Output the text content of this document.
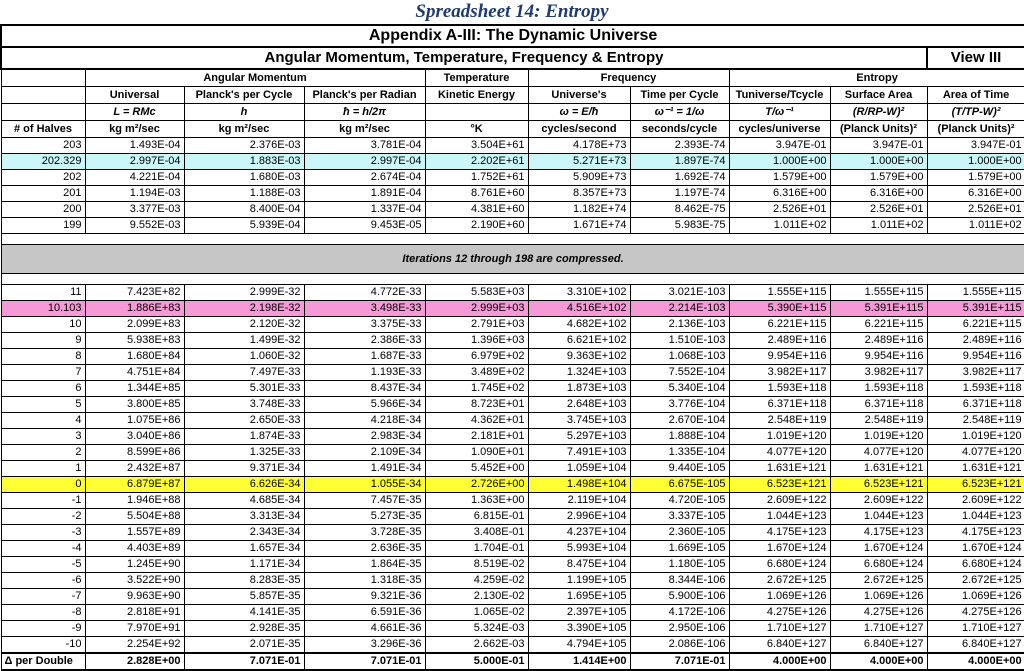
Spreadsheet 14: Entropy
Appendix A-III: The Dynamic Universe									
Angular Momentum, Temperature, Frequency & Entropy									View III
	Angular Momentum			Temperature	Frequency		Entropy		
	Universal	Planck's per Cycle	Planck's per Radian	Kinetic Energy	Universe's	Time per Cycle	Tuniverse/Tcycle	Surface Area	Area of Time
	L = RMc	h	ħ = h/2π		ω = E/ħ	ω⁻¹ = 1/ω	T/ω⁻¹	(R/RP-W)²	(T/TP-W)²
# of Halves	kg m²/sec	kg m²/sec	kg m²/sec	°K	cycles/second	seconds/cycle	cycles/universe	(Planck Units)²	(Planck Units)²
203	1.493E-04	2.376E-03	3.781E-04	3.504E+61	4.178E+73	2.393E-74	3.947E-01	3.947E-01	3.947E-01
202.329	2.997E-04	1.883E-03	2.997E-04	2.202E+61	5.271E+73	1.897E-74	1.000E+00	1.000E+00	1.000E+00
202	4.221E-04	1.680E-03	2.674E-04	1.752E+61	5.909E+73	1.692E-74	1.579E+00	1.579E+00	1.579E+00
201	1.194E-03	1.188E-03	1.891E-04	8.761E+60	8.357E+73	1.197E-74	6.316E+00	6.316E+00	6.316E+00
200	3.377E-03	8.400E-04	1.337E-04	4.381E+60	1.182E+74	8.462E-75	2.526E+01	2.526E+01	2.526E+01
199	9.552E-03	5.939E-04	9.453E-05	2.190E+60	1.671E+74	5.983E-75	1.011E+02	1.011E+02	1.011E+02

Iterations 12 through 198 are compressed.									

11	7.423E+82	2.999E-32	4.772E-33	5.583E+03	3.310E+102	3.021E-103	1.555E+115	1.555E+115	1.555E+115
10.103	1.886E+83	2.198E-32	3.498E-33	2.999E+03	4.516E+102	2.214E-103	5.390E+115	5.391E+115	5.391E+115
10	2.099E+83	2.120E-32	3.375E-33	2.791E+03	4.682E+102	2.136E-103	6.221E+115	6.221E+115	6.221E+115
9	5.938E+83	1.499E-32	2.386E-33	1.396E+03	6.621E+102	1.510E-103	2.489E+116	2.489E+116	2.489E+116
8	1.680E+84	1.060E-32	1.687E-33	6.979E+02	9.363E+102	1.068E-103	9.954E+116	9.954E+116	9.954E+116
7	4.751E+84	7.497E-33	1.193E-33	3.489E+02	1.324E+103	7.552E-104	3.982E+117	3.982E+117	3.982E+117
6	1.344E+85	5.301E-33	8.437E-34	1.745E+02	1.873E+103	5.340E-104	1.593E+118	1.593E+118	1.593E+118
5	3.800E+85	3.748E-33	5.966E-34	8.723E+01	2.648E+103	3.776E-104	6.371E+118	6.371E+118	6.371E+118
4	1.075E+86	2.650E-33	4.218E-34	4.362E+01	3.745E+103	2.670E-104	2.548E+119	2.548E+119	2.548E+119
3	3.040E+86	1.874E-33	2.983E-34	2.181E+01	5.297E+103	1.888E-104	1.019E+120	1.019E+120	1.019E+120
2	8.599E+86	1.325E-33	2.109E-34	1.090E+01	7.491E+103	1.335E-104	4.077E+120	4.077E+120	4.077E+120
1	2.432E+87	9.371E-34	1.491E-34	5.452E+00	1.059E+104	9.440E-105	1.631E+121	1.631E+121	1.631E+121
0	6.879E+87	6.626E-34	1.055E-34	2.726E+00	1.498E+104	6.675E-105	6.523E+121	6.523E+121	6.523E+121
-1	1.946E+88	4.685E-34	7.457E-35	1.363E+00	2.119E+104	4.720E-105	2.609E+122	2.609E+122	2.609E+122
-2	5.504E+88	3.313E-34	5.273E-35	6.815E-01	2.996E+104	3.337E-105	1.044E+123	1.044E+123	1.044E+123
-3	1.557E+89	2.343E-34	3.728E-35	3.408E-01	4.237E+104	2.360E-105	4.175E+123	4.175E+123	4.175E+123
-4	4.403E+89	1.657E-34	2.636E-35	1.704E-01	5.993E+104	1.669E-105	1.670E+124	1.670E+124	1.670E+124
-5	1.245E+90	1.171E-34	1.864E-35	8.519E-02	8.475E+104	1.180E-105	6.680E+124	6.680E+124	6.680E+124
-6	3.522E+90	8.283E-35	1.318E-35	4.259E-02	1.199E+105	8.344E-106	2.672E+125	2.672E+125	2.672E+125
-7	9.963E+90	5.857E-35	9.321E-36	2.130E-02	1.695E+105	5.900E-106	1.069E+126	1.069E+126	1.069E+126
-8	2.818E+91	4.141E-35	6.591E-36	1.065E-02	2.397E+105	4.172E-106	4.275E+126	4.275E+126	4.275E+126
-9	7.970E+91	2.928E-35	4.661E-36	5.324E-03	3.390E+105	2.950E-106	1.710E+127	1.710E+127	1.710E+127
-10	2.254E+92	2.071E-35	3.296E-36	2.662E-03	4.794E+105	2.086E-106	6.840E+127	6.840E+127	6.840E+127
Δ per Double	2.828E+00	7.071E-01	7.071E-01	5.000E-01	1.414E+00	7.071E-01	4.000E+00	4.000E+00	4.000E+00
